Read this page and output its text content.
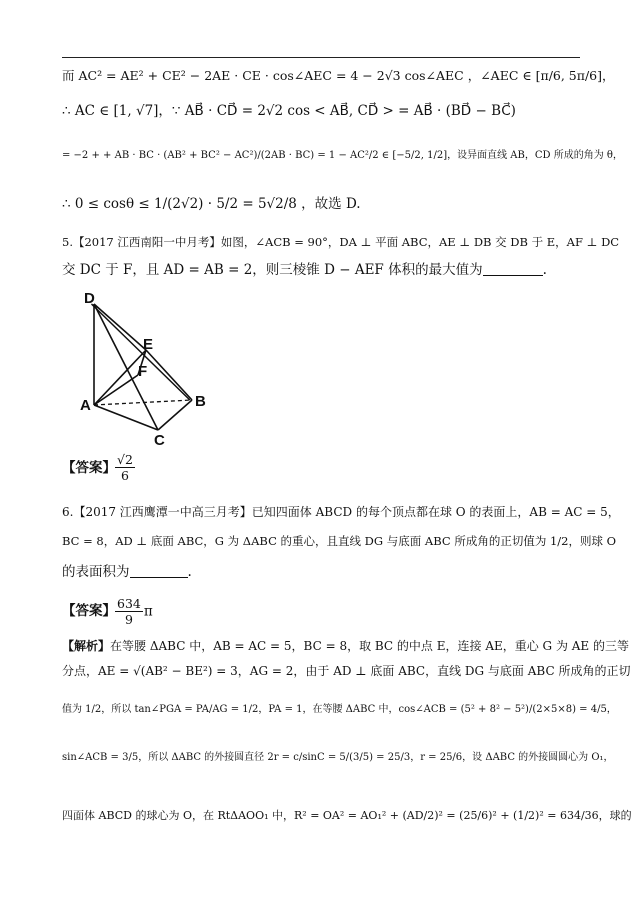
而 AC² = AE² + CE² − 2AE · CE · cos∠AEC = 4 − 2√3 cos∠AEC ，∠AEC ∈ [π/6, 5π/6]，
∴ AC ∈ [1, √7]，∵ AB⃗ · CD⃗ = 2√2 cos < AB⃗, CD⃗ > = AB⃗ · (BD⃗ − BC⃗)
= −2 + + AB · BC · (AB² + BC² − AC²)/(2AB · BC) = 1 − AC²/2 ∈ [−5/2, 1/2]，设异面直线 AB，CD 所成的角为 θ，
∴ 0 ≤ cosθ ≤ 1/(2√2) · 5/2 = 5√2/8 ，故选 D.
5.【2017 江西南阳一中月考】如图，∠ACB = 90°，DA ⊥ 平面 ABC，AE ⊥ DB 交 DB 于 E，AF ⊥ DC
交 DC 于 F，且 AD = AB = 2，则三棱锥 D − AEF 体积的最大值为	.
D
E
F
A	B
C
【答案】 $\frac{√2}{6}$
6.【2017 江西鹰潭一中高三月考】已知四面体 ABCD 的每个顶点都在球 O 的表面上，AB = AC = 5，
BC = 8，AD ⊥ 底面 ABC，G 为 ΔABC 的重心，且直线 DG 与底面 ABC 所成角的正切值为 1/2，则球 O
的表面积为	.
【答案】 $\frac{634}{9}$ π
【解析】在等腰 ΔABC 中，AB = AC = 5，BC = 8，取 BC 的中点 E，连接 AE，重心 G 为 AE 的三等
分点，AE = √(AB² − BE²) = 3，AG = 2，由于 AD ⊥ 底面 ABC，直线 DG 与底面 ABC 所成角的正切
值为 1/2，所以 tan∠PGA = PA/AG = 1/2，PA = 1，在等腰 ΔABC 中，cos∠ACB = (5² + 8² − 5²)/(2×5×8) = 4/5，
sin∠ACB = 3/5，所以 ΔABC 的外接圆直径 2r = c/sinC = 5/(3/5) = 25/3，r = 25/6，设 ΔABC 的外接圆圆心为 O₁，
四面体 ABCD 的球心为 O，在 RtΔAOO₁ 中，R² = OA² = AO₁² + (AD/2)² = (25/6)² + (1/2)² = 634/36，球的
